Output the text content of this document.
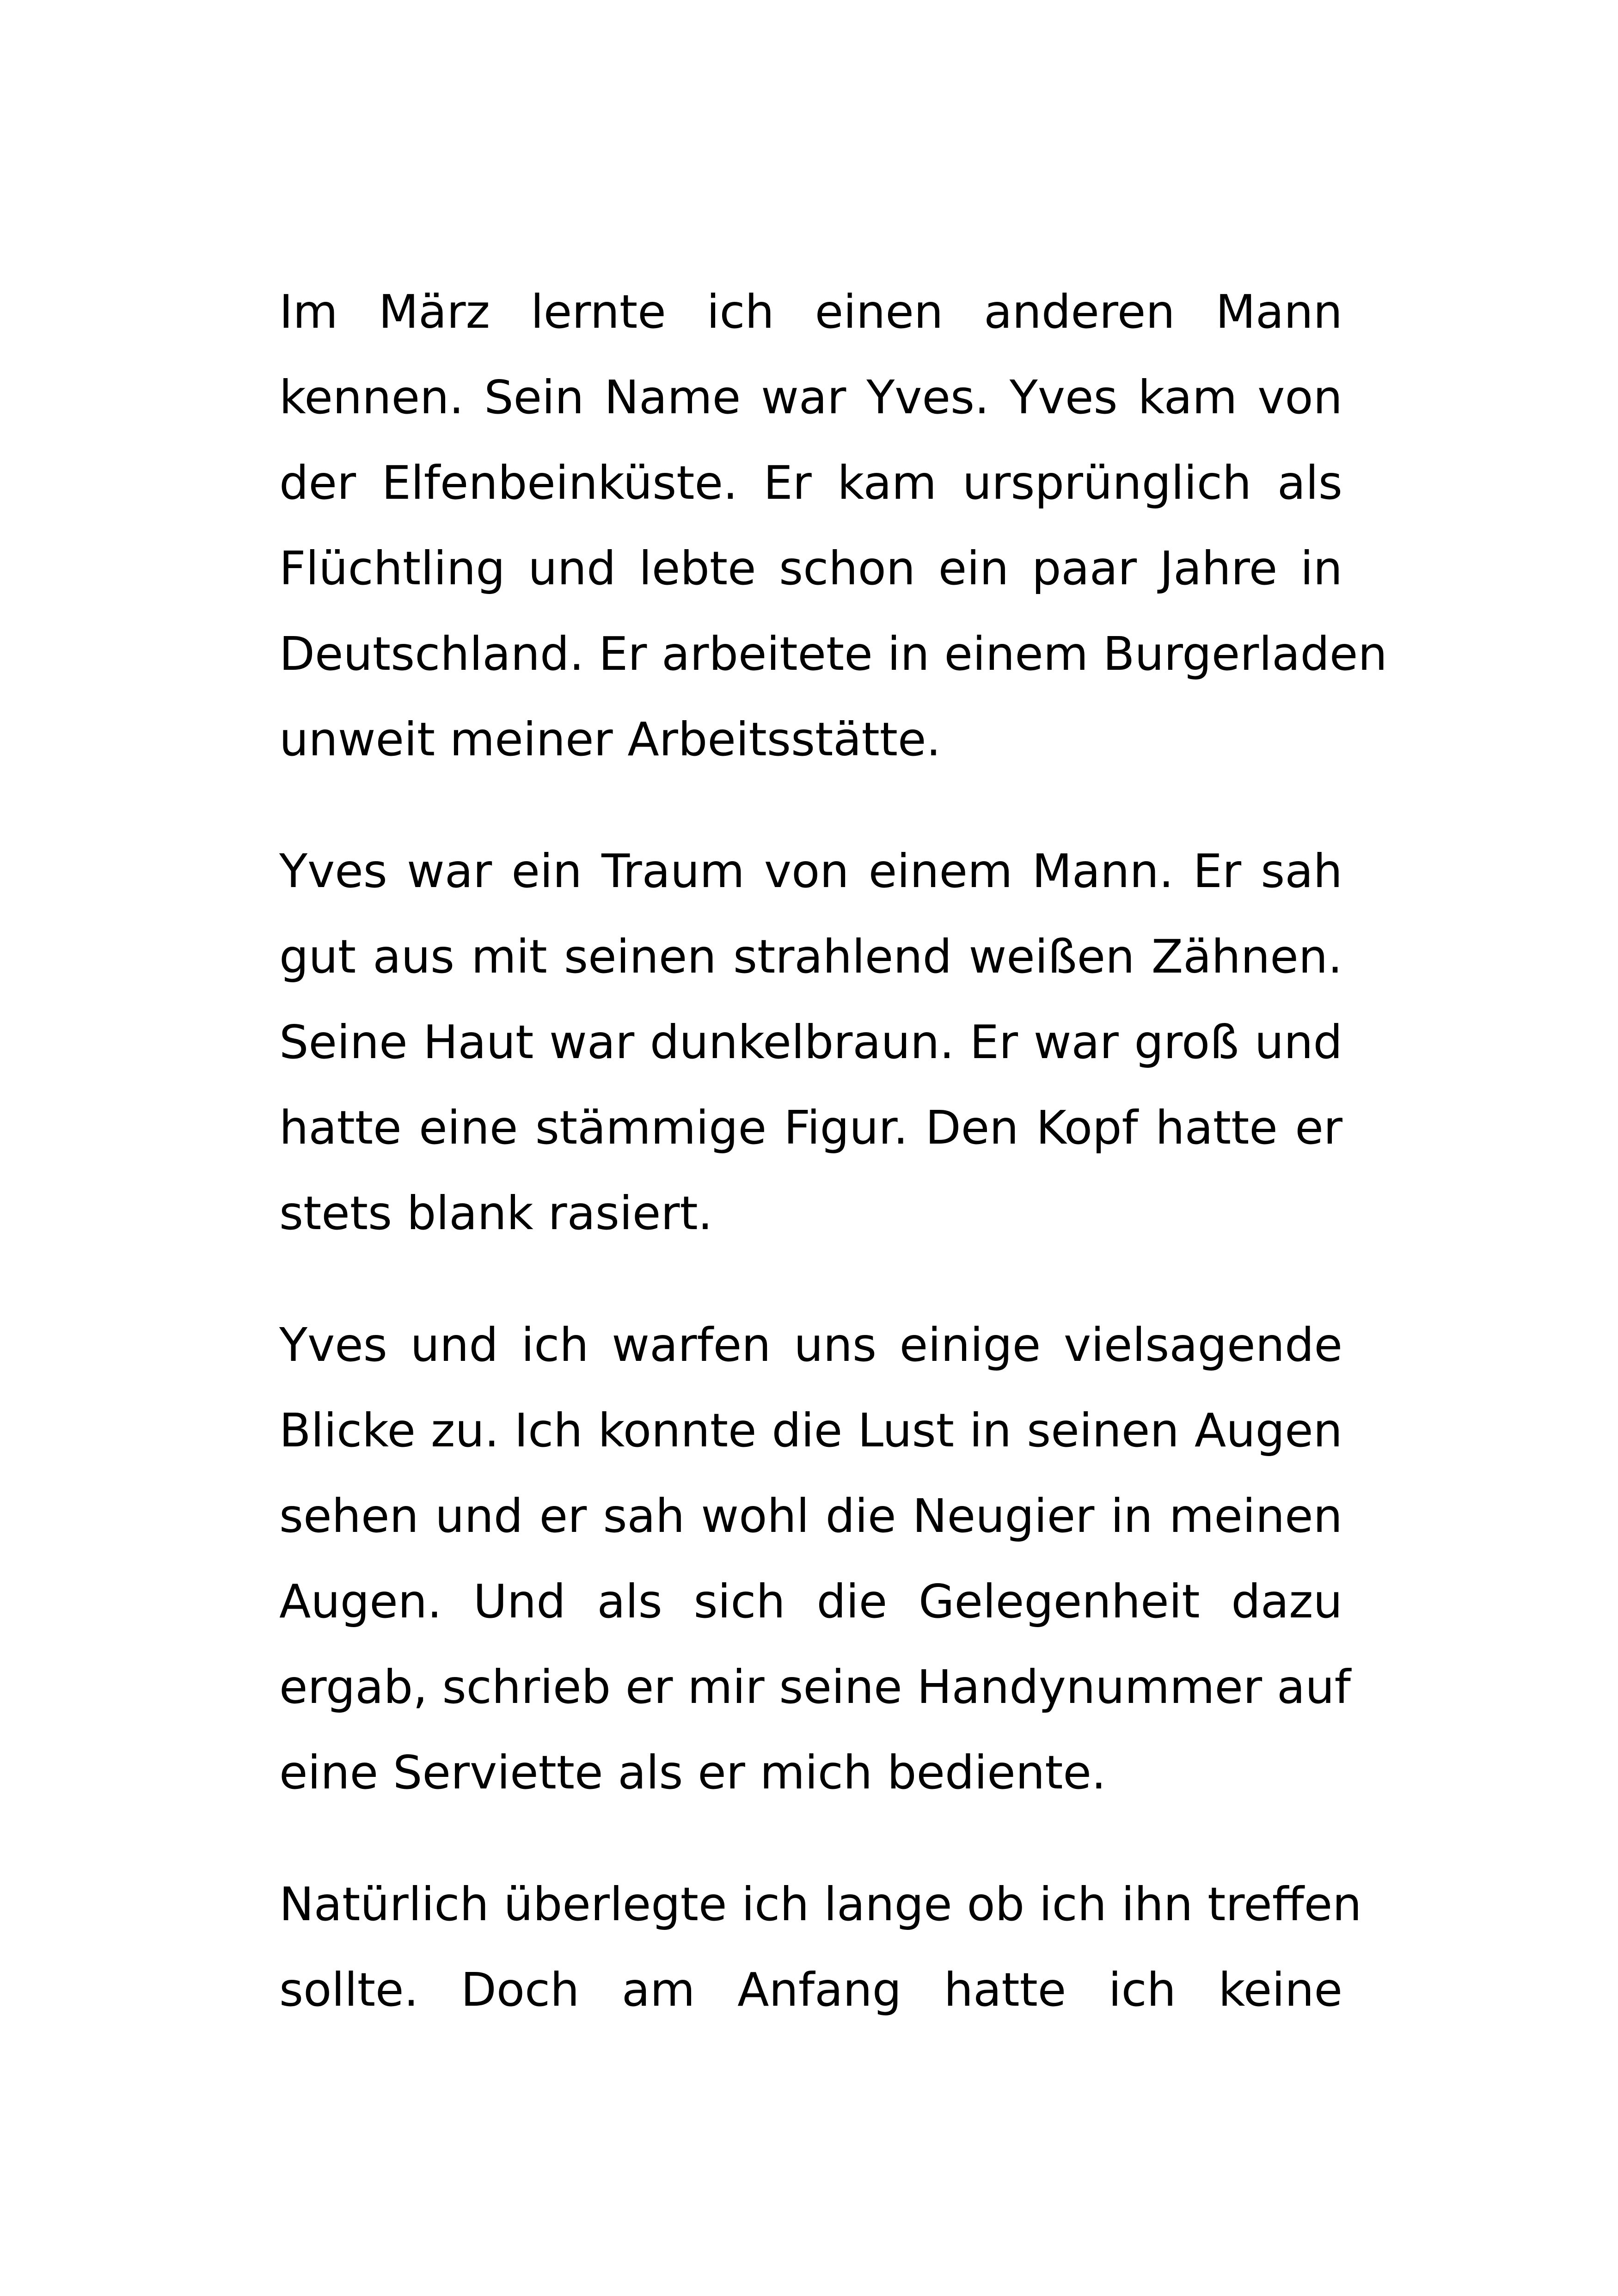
Im März lernte ich einen anderen Mann
kennen. Sein Name war Yves. Yves kam von
der Elfenbeinküste. Er kam ursprünglich als
Flüchtling und lebte schon ein paar Jahre in
Deutschland. Er arbeitete in einem Burgerladen
unweit meiner Arbeitsstätte.
Yves war ein Traum von einem Mann. Er sah
gut aus mit seinen strahlend weißen Zähnen.
Seine Haut war dunkelbraun. Er war groß und
hatte eine stämmige Figur. Den Kopf hatte er
stets blank rasiert.
Yves und ich warfen uns einige vielsagende
Blicke zu. Ich konnte die Lust in seinen Augen
sehen und er sah wohl die Neugier in meinen
Augen. Und als sich die Gelegenheit dazu
ergab, schrieb er mir seine Handynummer auf
eine Serviette als er mich bediente.
Natürlich überlegte ich lange ob ich ihn treffen
sollte. Doch am Anfang hatte ich keine
